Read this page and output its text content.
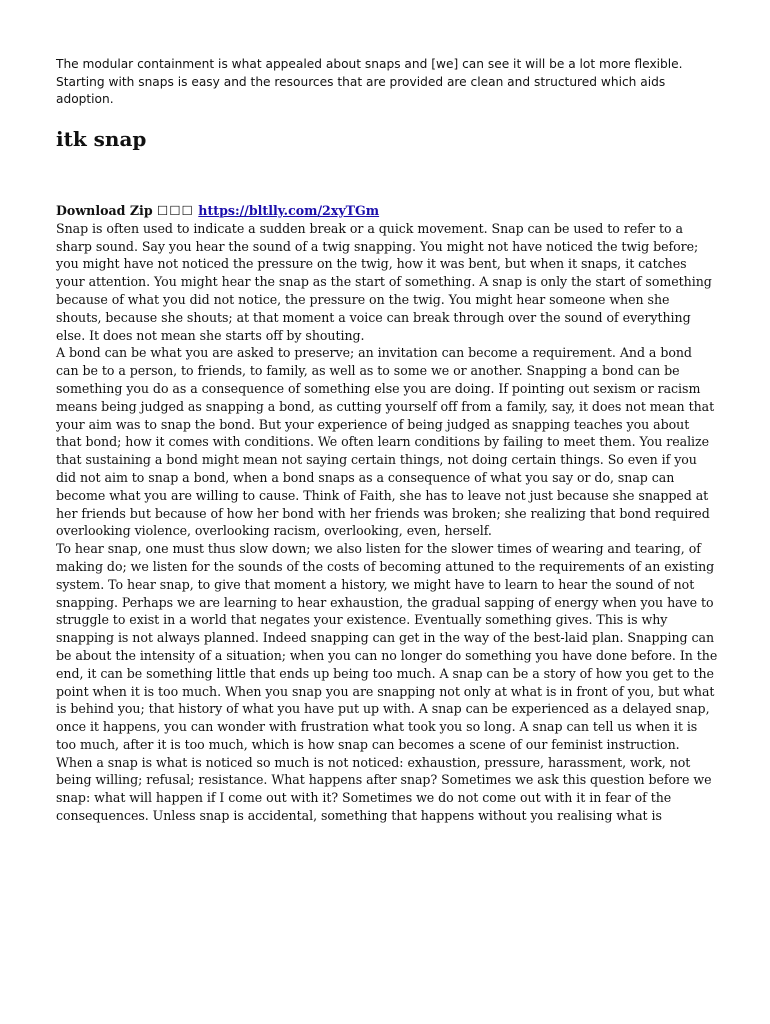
The modular containment is what appealed about snaps and [we] can see it will be a lot more flexible. Starting with snaps is easy and the resources that are provided are clean and structured which aids adoption.

itk snap
Download Zip ☐☐☐ https://bltlly.com/2xyTGm

Snap is often used to indicate a sudden break or a quick movement. Snap can be used to refer to a sharp sound. Say you hear the sound of a twig snapping. You might not have noticed the twig before; you might have not noticed the pressure on the twig, how it was bent, but when it snaps, it catches your attention. You might hear the snap as the start of something. A snap is only the start of something because of what you did not notice, the pressure on the twig. You might hear someone when she shouts, because she shouts; at that moment a voice can break through over the sound of everything else. It does not mean she starts off by shouting.

A bond can be what you are asked to preserve; an invitation can become a requirement. And a bond can be to a person, to friends, to family, as well as to some we or another. Snapping a bond can be something you do as a consequence of something else you are doing. If pointing out sexism or racism means being judged as snapping a bond, as cutting yourself off from a family, say, it does not mean that your aim was to snap the bond. But your experience of being judged as snapping teaches you about that bond; how it comes with conditions. We often learn conditions by failing to meet them. You realize that sustaining a bond might mean not saying certain things, not doing certain things. So even if you did not aim to snap a bond, when a bond snaps as a consequence of what you say or do, snap can become what you are willing to cause. Think of Faith, she has to leave not just because she snapped at her friends but because of how her bond with her friends was broken; she realizing that bond required overlooking violence, overlooking racism, overlooking, even, herself.

To hear snap, one must thus slow down; we also listen for the slower times of wearing and tearing, of making do; we listen for the sounds of the costs of becoming attuned to the requirements of an existing system. To hear snap, to give that moment a history, we might have to learn to hear the sound of not snapping. Perhaps we are learning to hear exhaustion, the gradual sapping of energy when you have to struggle to exist in a world that negates your existence. Eventually something gives. This is why snapping is not always planned. Indeed snapping can get in the way of the best-laid plan. Snapping can be about the intensity of a situation; when you can no longer do something you have done before. In the end, it can be something little that ends up being too much. A snap can be a story of how you get to the point when it is too much. When you snap you are snapping not only at what is in front of you, but what is behind you; that history of what you have put up with. A snap can be experienced as a delayed snap, once it happens, you can wonder with frustration what took you so long. A snap can tell us when it is too much, after it is too much, which is how snap can becomes a scene of our feminist instruction.

When a snap is what is noticed so much is not noticed: exhaustion, pressure, harassment, work, not being willing; refusal; resistance. What happens after snap? Sometimes we ask this question before we snap: what will happen if I come out with it? Sometimes we do not come out with it in fear of the consequences. Unless snap is accidental, something that happens without you realising what is
